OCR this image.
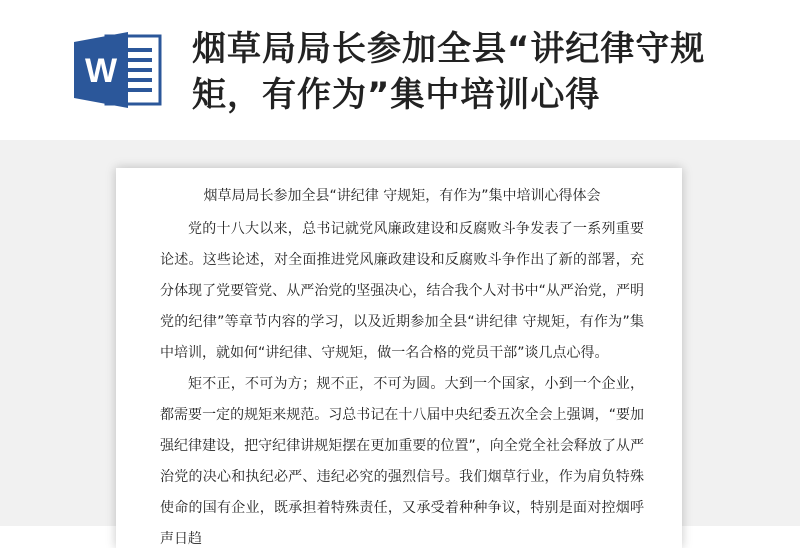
W
烟草局局长参加全县“讲纪律守规矩，有作为”集中培训心得
烟草局局长参加全县“讲纪律 守规矩，有作为”集中培训心得体会

党的十八大以来，总书记就党风廉政建设和反腐败斗争发表了一系列重要论述。这些论述，对全面推进党风廉政建设和反腐败斗争作出了新的部署，充分体现了党要管党、从严治党的坚强决心，结合我个人对书中“从严治党，严明党的纪律”等章节内容的学习，以及近期参加全县“讲纪律 守规矩，有作为”集中培训，就如何“讲纪律、守规矩，做一名合格的党员干部”谈几点心得。

矩不正，不可为方；规不正，不可为圆。大到一个国家，小到一个企业，都需要一定的规矩来规范。习总书记在十八届中央纪委五次全会上强调，“要加强纪律建设，把守纪律讲规矩摆在更加重要的位置”，向全党全社会释放了从严治党的决心和执纪必严、违纪必究的强烈信号。我们烟草行业，作为肩负特殊使命的国有企业，既承担着特殊责任，又承受着种种争议，特别是面对控烟呼声日趋
